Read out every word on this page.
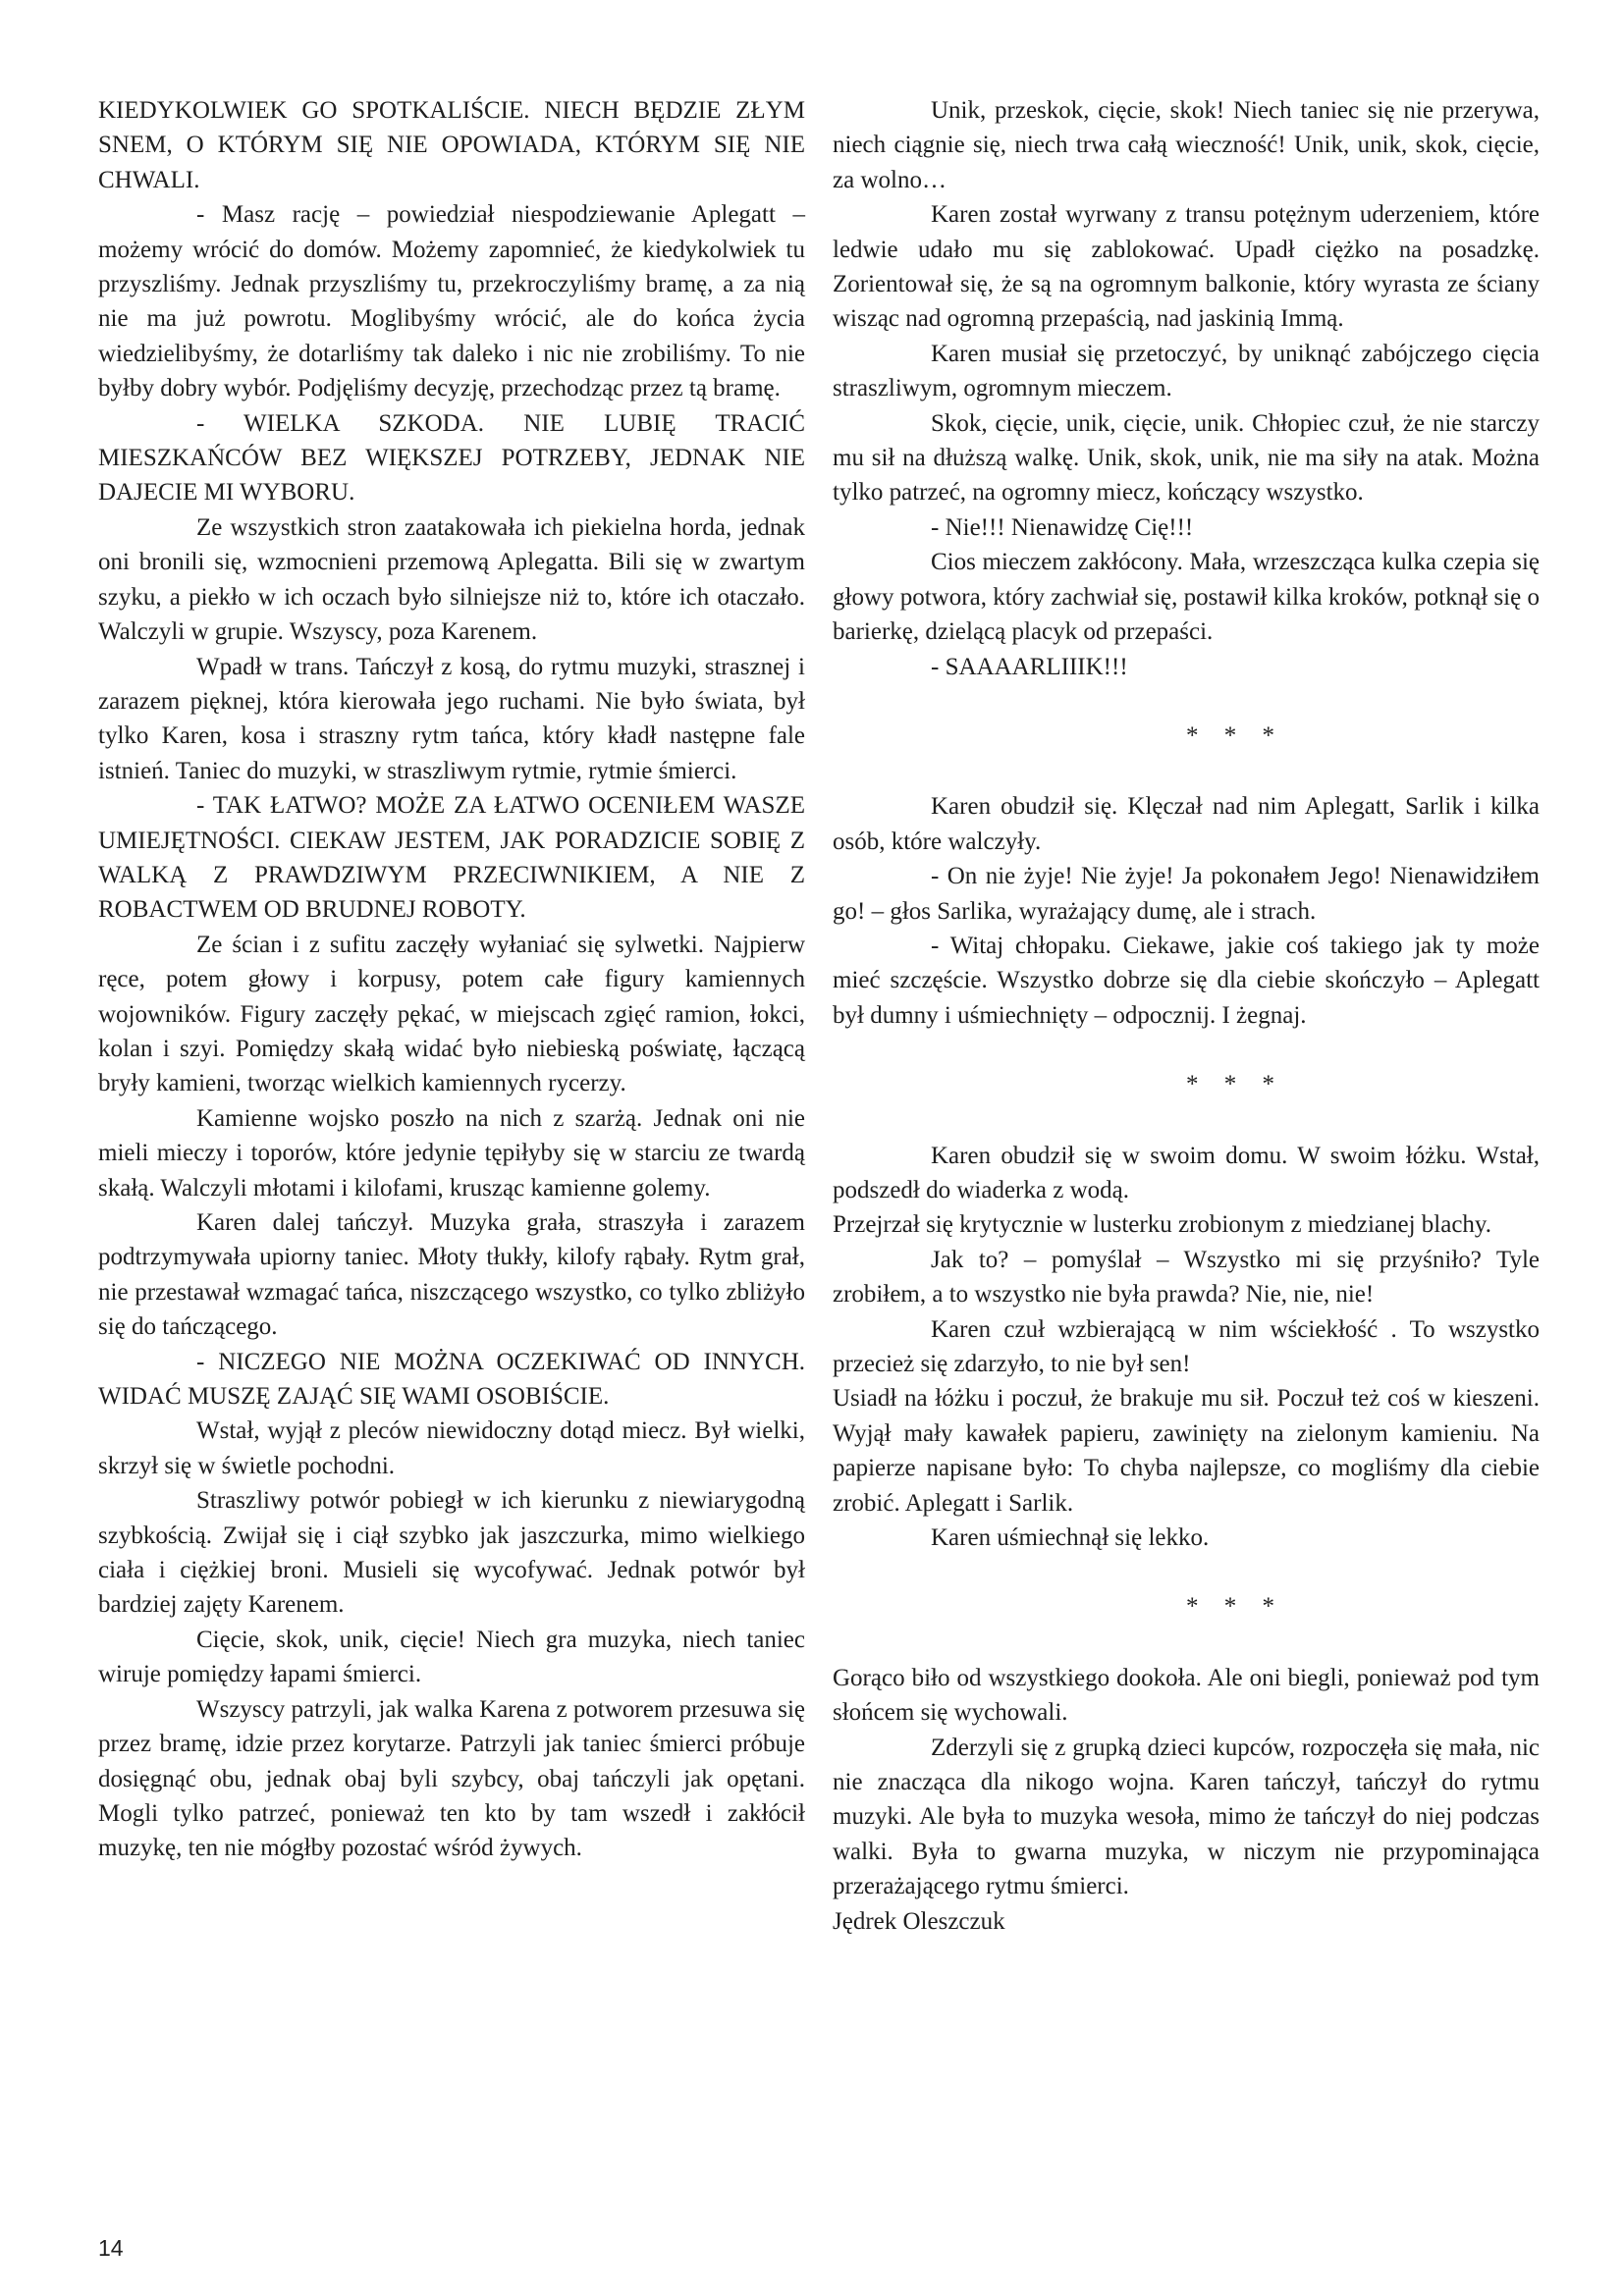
KIEDYKOLWIEK GO SPOTKALIŚCIE. NIECH BĘDZIE ZŁYM SNEM, O KTÓRYM SIĘ NIE OPOWIADA, KTÓRYM SIĘ NIE CHWALI.

- Masz rację – powiedział niespodziewanie Aplegatt – możemy wrócić do domów. Możemy zapomnieć, że kiedykolwiek tu przyszliśmy. Jednak przyszliśmy tu, przekroczyliśmy bramę, a za nią nie ma już powrotu. Moglibyśmy wrócić, ale do końca życia wiedzielibyśmy, że dotarliśmy tak daleko i nic nie zrobiliśmy. To nie byłby dobry wybór. Podjęliśmy decyzję, przechodząc przez tą bramę.

- WIELKA SZKODA. NIE LUBIĘ TRACIĆ MIESZKAŃCÓW BEZ WIĘKSZEJ POTRZEBY, JEDNAK NIE DAJECIE MI WYBORU.

Ze wszystkich stron zaatakowała ich piekielna horda, jednak oni bronili się, wzmocnieni przemową Aplegatta. Bili się w zwartym szyku, a piekło w ich oczach było silniejsze niż to, które ich otaczało. Walczyli w grupie. Wszyscy, poza Karenem.

Wpadł w trans. Tańczył z kosą, do rytmu muzyki, strasznej i zarazem pięknej, która kierowała jego ruchami. Nie było świata, był tylko Karen, kosa i straszny rytm tańca, który kładł następne fale istnień. Taniec do muzyki, w straszliwym rytmie, rytmie śmierci.

- TAK ŁATWO? MOŻE ZA ŁATWO OCENIŁEM WASZE UMIEJĘTNOŚCI. CIEKAW JESTEM, JAK PORADZICIE SOBIĘ Z WALKĄ Z PRAWDZIWYM PRZECIWNIKIEM, A NIE Z ROBACTWEM OD BRUDNEJ ROBOTY.

Ze ścian i z sufitu zaczęły wyłaniać się sylwetki. Najpierw ręce, potem głowy i korpusy, potem całe figury kamiennych wojowników. Figury zaczęły pękać, w miejscach zgięć ramion, łokci, kolan i szyi. Pomiędzy skałą widać było niebieską poświatę, łączącą bryły kamieni, tworząc wielkich kamiennych rycerzy.

Kamienne wojsko poszło na nich z szarżą. Jednak oni nie mieli mieczy i toporów, które jedynie tępiłyby się w starciu ze twardą skałą. Walczyli młotami i kilofami, krusząc kamienne golemy.

Karen dalej tańczył. Muzyka grała, straszyła i zarazem podtrzymywała upiorny taniec. Młoty tłukły, kilofy rąbały. Rytm grał, nie przestawał wzmagać tańca, niszczącego wszystko, co tylko zbliżyło się do tańczącego.

- NICZEGO NIE MOŻNA OCZEKIWAĆ OD INNYCH. WIDAĆ MUSZĘ ZAJĄĆ SIĘ WAMI OSOBIŚCIE.

Wstał, wyjął z pleców niewidoczny dotąd miecz. Był wielki, skrzył się w świetle pochodni.

Straszliwy potwór pobiegł w ich kierunku z niewiarygodną szybkością. Zwijał się i ciął szybko jak jaszczurka, mimo wielkiego ciała i ciężkiej broni. Musieli się wycofywać. Jednak potwór był bardziej zajęty Karenem.

Cięcie, skok, unik, cięcie! Niech gra muzyka, niech taniec wiruje pomiędzy łapami śmierci.

Wszyscy patrzyli, jak walka Karena z potworem przesuwa się przez bramę, idzie przez korytarze. Patrzyli jak taniec śmierci próbuje dosięgnąć obu, jednak obaj byli szybcy, obaj tańczyli jak opętani. Mogli tylko patrzeć, ponieważ ten kto by tam wszedł i zakłócił muzykę, ten nie mógłby pozostać wśród żywych.

Unik, przeskok, cięcie, skok! Niech taniec się nie przerywa, niech ciągnie się, niech trwa całą wieczność! Unik, unik, skok, cięcie, za wolno…

Karen został wyrwany z transu potężnym uderzeniem, które ledwie udało mu się zablokować. Upadł ciężko na posadzkę. Zorientował się, że są na ogromnym balkonie, który wyrasta ze ściany wisząc nad ogromną przepaścią, nad jaskinią Immą.

Karen musiał się przetoczyć, by uniknąć zabójczego cięcia straszliwym, ogromnym mieczem.

Skok, cięcie, unik, cięcie, unik. Chłopiec czuł, że nie starczy mu sił na dłuższą walkę. Unik, skok, unik, nie ma siły na atak. Można tylko patrzeć, na ogromny miecz, kończący wszystko.

- Nie!!! Nienawidzę Cię!!!

Cios mieczem zakłócony. Mała, wrzeszcząca kulka czepia się głowy potwora, który zachwiał się, postawił kilka kroków, potknął się o barierkę, dzielącą placyk od przepaści.

- SAAAARLIIIK!!!

* * *

Karen obudził się. Klęczał nad nim Aplegatt, Sarlik i kilka osób, które walczyły.

- On nie żyje! Nie żyje! Ja pokonałem Jego! Nienawidziłem go! – głos Sarlika, wyrażający dumę, ale i strach.

- Witaj chłopaku. Ciekawe, jakie coś takiego jak ty może mieć szczęście. Wszystko dobrze się dla ciebie skończyło – Aplegatt był dumny i uśmiechnięty – odpocznij. I żegnaj.

* * *

Karen obudził się w swoim domu. W swoim łóżku. Wstał, podszedł do wiaderka z wodą.

Przejrzał się krytycznie w lusterku zrobionym z miedzianej blachy.

Jak to? – pomyślał – Wszystko mi się przyśniło? Tyle zrobiłem, a to wszystko nie była prawda? Nie, nie, nie!

Karen czuł wzbierającą w nim wściekłość . To wszystko przecież się zdarzyło, to nie był sen!

Usiadł na łóżku i poczuł, że brakuje mu sił. Poczuł też coś w kieszeni. Wyjął mały kawałek papieru, zawinięty na zielonym kamieniu. Na papierze napisane było: To chyba najlepsze, co mogliśmy dla ciebie zrobić. Aplegatt i Sarlik.

Karen uśmiechnął się lekko.

* * *

Gorąco biło od wszystkiego dookoła. Ale oni biegli, ponieważ pod tym słońcem się wychowali.

Zderzyli się z grupką dzieci kupców, rozpoczęła się mała, nic nie znacząca dla nikogo wojna. Karen tańczył, tańczył do rytmu muzyki. Ale była to muzyka wesoła, mimo że tańczył do niej podczas walki. Była to gwarna muzyka, w niczym nie przypominająca przerażającego rytmu śmierci.

Jędrek Oleszczuk

14
